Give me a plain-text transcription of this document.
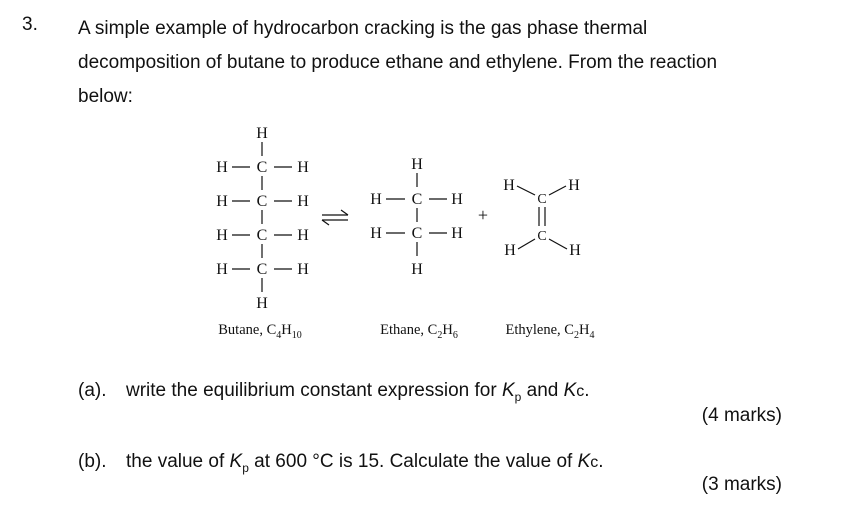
3. A simple example of hydrocarbon cracking is the gas phase thermal
decomposition of butane to produce ethane and ethylene. From the reaction
below:
H
H C H
H C H
H C H
H C H
H
H
H C H
H C H
H
+
H
C
H
C
H	H
Butane, $C_4H_{10}$	Ethane, $C_2H_6$	Ethylene, $C_2H_4$
(a). write the equilibrium constant expression for $K_p$ and Kc.
(4 marks)
(b). the value of $K_p$ at 600 °C is 15. Calculate the value of Kc.
(3 marks)
